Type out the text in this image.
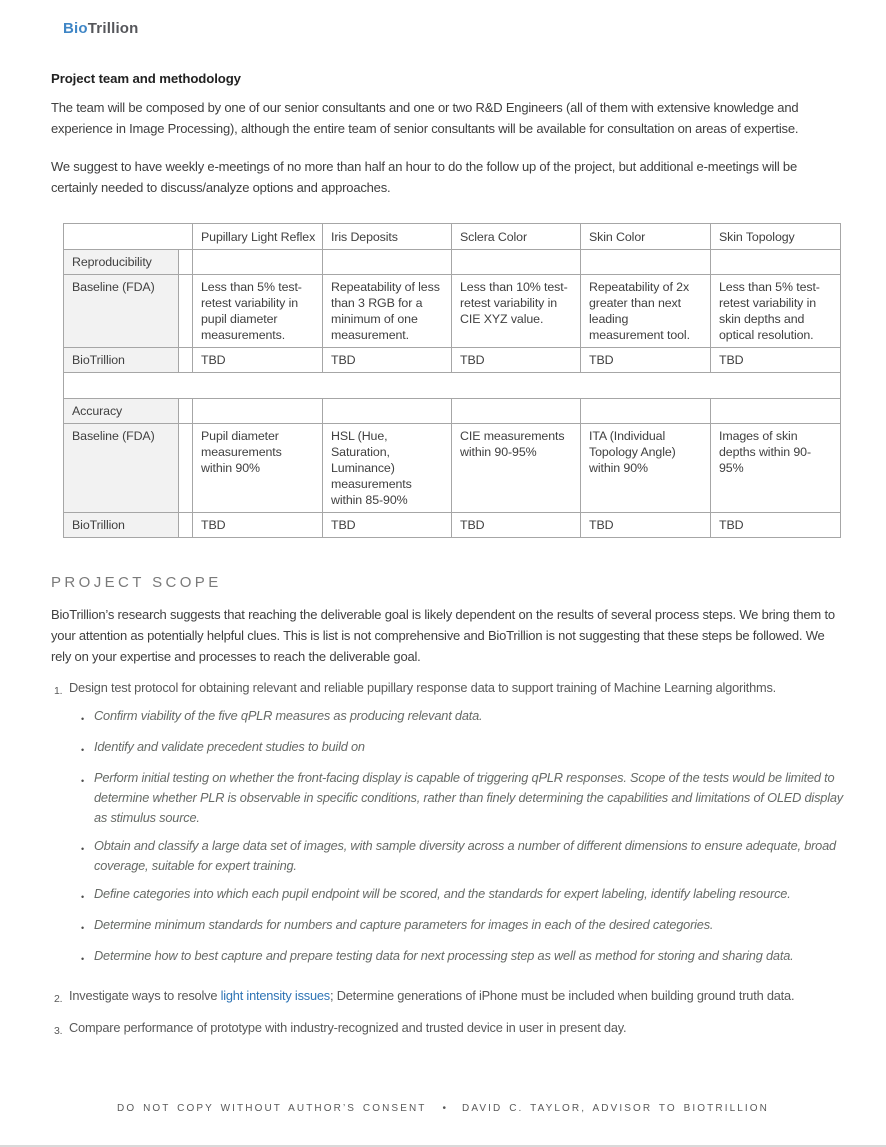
BioTrillion
Project team and methodology

The team will be composed by one of our senior consultants and one or two R&D Engineers (all of them with extensive knowledge and experience in Image Processing), although the entire team of senior consultants will be available for consultation on areas of expertise.

We suggest to have weekly e-meetings of no more than half an hour to do the follow up of the project, but additional e-meetings will be certainly needed to discuss/analyze options and approaches.

		Pupillary Light Reflex	Iris Deposits	Sclera Color	Skin Color	Skin Topology
Reproducibility						
Baseline (FDA)		Less than 5% test-retest variability in pupil diameter measurements.	Repeatability of less than 3 RGB for a minimum of one measurement.	Less than 10% test-retest variability in CIE XYZ value.	Repeatability of 2x greater than next leading measurement tool.	Less than 5% test-retest variability in skin depths and optical resolution.
BioTrillion		TBD	TBD	TBD	TBD	TBD

Accuracy						
Baseline (FDA)		Pupil diameter measurements within 90%	HSL (Hue, Saturation, Luminance) measurements within 85-90%	CIE measurements within 90-95%	ITA (Individual Topology Angle) within 90%	Images of skin depths within 90-95%
BioTrillion		TBD	TBD	TBD	TBD	TBD
PROJECT SCOPE

BioTrillion’s research suggests that reaching the deliverable goal is likely dependent on the results of several process steps. We bring them to your attention as potentially helpful clues. This is list is not comprehensive and BioTrillion is not suggesting that these steps be followed. We rely on your expertise and processes to reach the deliverable goal.

1. Design test protocol for obtaining relevant and reliable pupillary response data to support training of Machine Learning algorithms.
• Confirm viability of the five qPLR measures as producing relevant data.
• Identify and validate precedent studies to build on
• Perform initial testing on whether the front-facing display is capable of triggering qPLR responses. Scope of the tests would be limited to determine whether PLR is observable in specific conditions, rather than finely determining the capabilities and limitations of OLED display as stimulus source.
• Obtain and classify a large data set of images, with sample diversity across a number of different dimensions to ensure adequate, broad coverage, suitable for expert training.
• Define categories into which each pupil endpoint will be scored, and the standards for expert labeling, identify labeling resource.
• Determine minimum standards for numbers and capture parameters for images in each of the desired categories.
• Determine how to best capture and prepare testing data for next processing step as well as method for storing and sharing data.
2. Investigate ways to resolve light intensity issues; Determine generations of iPhone must be included when building ground truth data.
3. Compare performance of prototype with industry-recognized and trusted device in user in present day.
DO NOT COPY WITHOUT AUTHOR’S CONSENT • DAVID C. TAYLOR, ADVISOR TO BIOTRILLION
